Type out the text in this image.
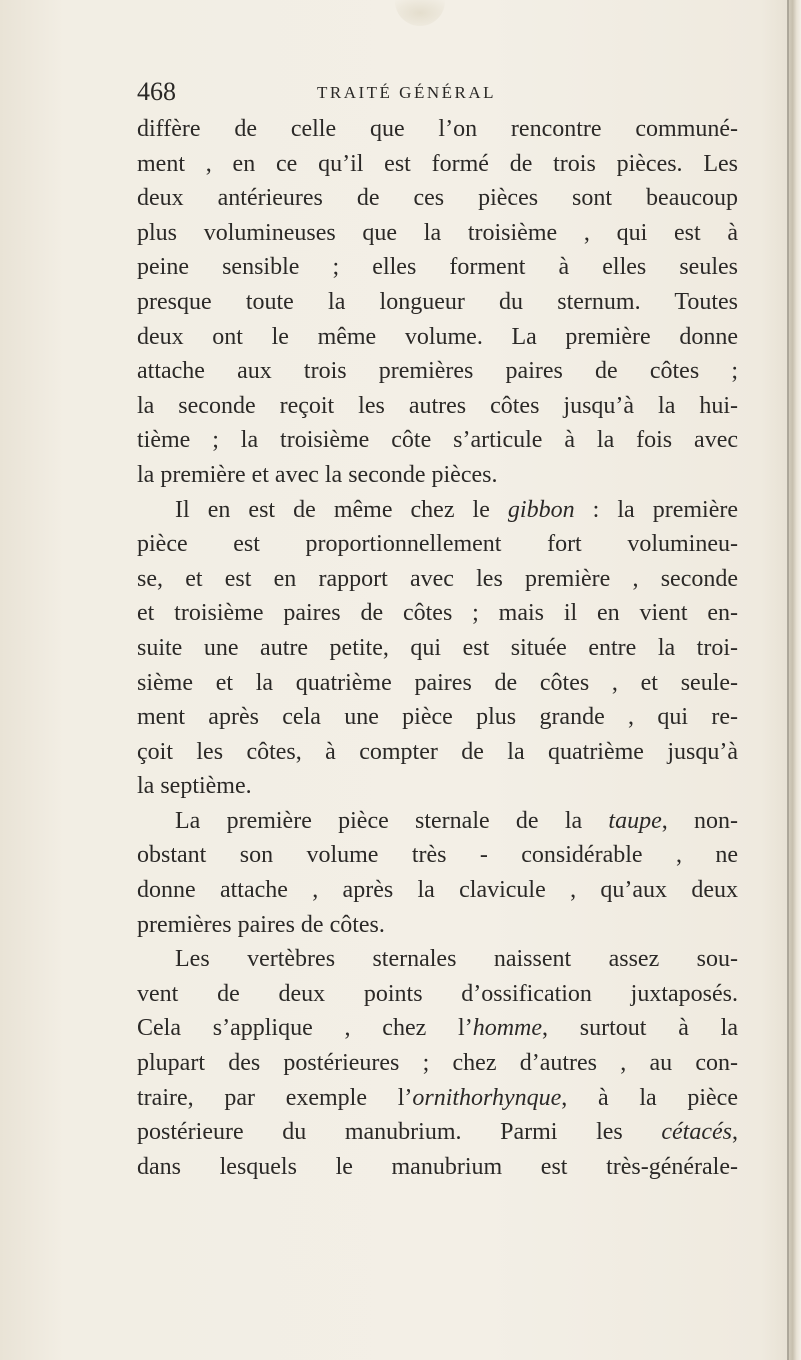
468	TRAITÉ GÉNÉRAL
diffère de celle que l’on rencontre communé-
ment , en ce qu’il est formé de trois pièces. Les
deux antérieures de ces pièces sont beaucoup
plus volumineuses que la troisième , qui est à
peine sensible ; elles forment à elles seules
presque toute la longueur du sternum. Toutes
deux ont le même volume. La première donne
attache aux trois premières paires de côtes ;
la seconde reçoit les autres côtes jusqu’à la hui-
tième ; la troisième côte s’articule à la fois avec
la première et avec la seconde pièces.
Il en est de même chez le gibbon : la première
pièce est proportionnellement fort volumineu-
se, et est en rapport avec les première , seconde
et troisième paires de côtes ; mais il en vient en-
suite une autre petite, qui est située entre la troi-
sième et la quatrième paires de côtes , et seule-
ment après cela une pièce plus grande , qui re-
çoit les côtes, à compter de la quatrième jusqu’à
la septième.
La première pièce sternale de la taupe, non-
obstant son volume très - considérable , ne
donne attache , après la clavicule , qu’aux deux
premières paires de côtes.
Les vertèbres sternales naissent assez sou-
vent de deux points d’ossification juxtaposés.
Cela s’applique , chez l’homme, surtout à la
plupart des postérieures ; chez d’autres , au con-
traire, par exemple l’ornithorhynque, à la pièce
postérieure du manubrium. Parmi les cétacés,
dans lesquels le manubrium est très-générale-
